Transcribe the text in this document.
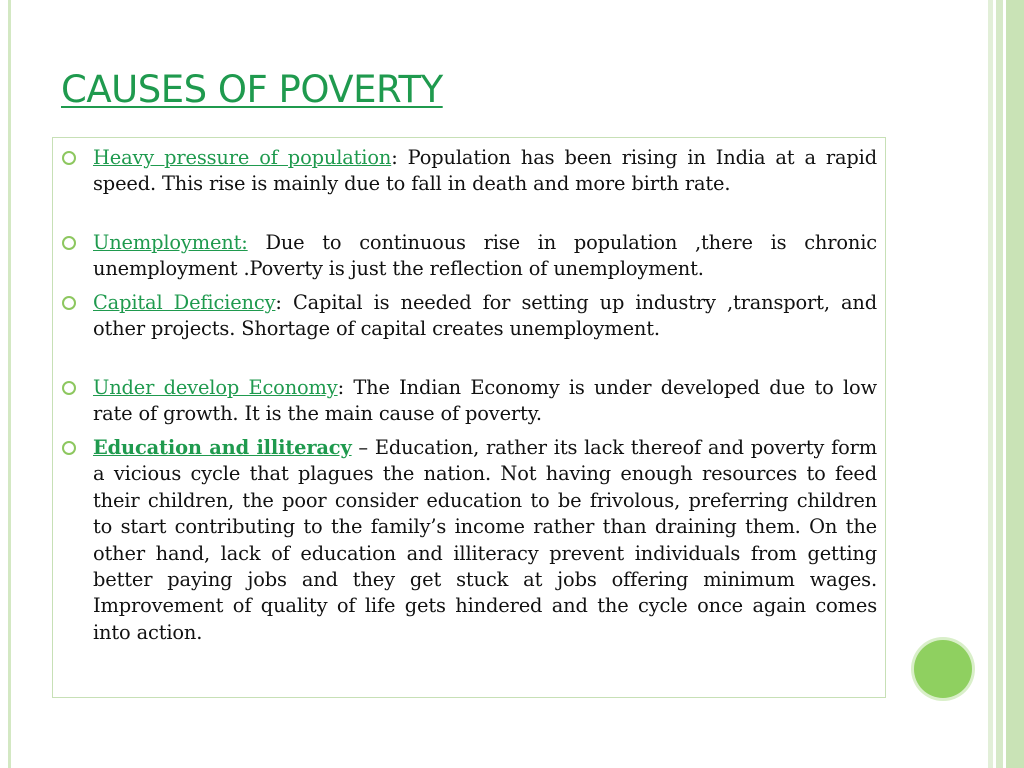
CAUSES OF POVERTY
Heavy pressure of population: Population has been rising in India at a rapid speed. This rise is mainly due to fall in death and more birth rate.
Unemployment: Due to continuous rise in population ,there is chronic unemployment .Poverty is just the reflection of unemployment.
Capital Deficiency: Capital is needed for setting up industry ,transport, and other projects. Shortage of capital creates unemployment.
Under develop Economy: The Indian Economy is under developed due to low rate of growth. It is the main cause of poverty.
Education and illiteracy – Education, rather its lack thereof and poverty form a vicious cycle that plagues the nation. Not having enough resources to feed their children, the poor consider education to be frivolous, preferring children to start contributing to the family’s income rather than draining them. On the other hand, lack of education and illiteracy prevent individuals from getting better paying jobs and they get stuck at jobs offering minimum wages. Improvement of quality of life gets hindered and the cycle once again comes into action.
